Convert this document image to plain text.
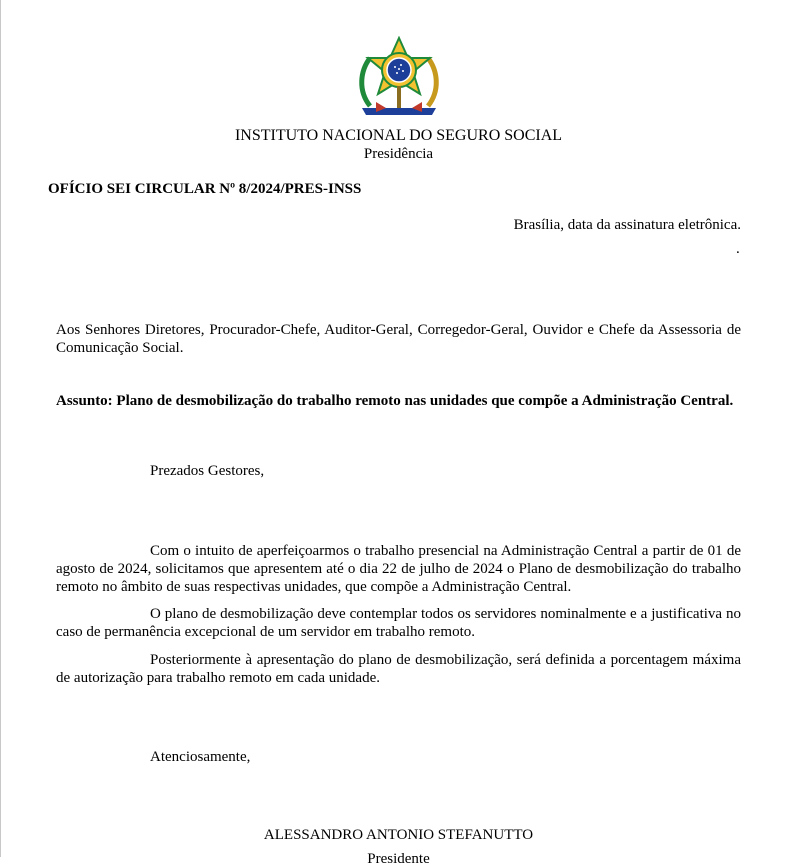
INSTITUTO NACIONAL DO SEGURO SOCIAL
Presidência
OFÍCIO SEI CIRCULAR Nº 8/2024/PRES-INSS
Brasília, data da assinatura eletrônica.
.
Aos Senhores Diretores, Procurador-Chefe, Auditor-Geral, Corregedor-Geral, Ouvidor e Chefe da Assessoria de Comunicação Social.
Assunto: Plano de desmobilização do trabalho remoto nas unidades que compõe a Administração Central.
Prezados Gestores,
Com o intuito de aperfeiçoarmos o trabalho presencial na Administração Central a partir de 01 de agosto de 2024, solicitamos que apresentem até o dia 22 de julho de 2024 o Plano de desmobilização do trabalho remoto no âmbito de suas respectivas unidades, que compõe a Administração Central.
O plano de desmobilização deve contemplar todos os servidores nominalmente e a justificativa no caso de permanência excepcional de um servidor em trabalho remoto.
Posteriormente à apresentação do plano de desmobilização, será definida a porcentagem máxima de autorização para trabalho remoto em cada unidade.
Atenciosamente,
ALESSANDRO ANTONIO STEFANUTTO
Presidente
